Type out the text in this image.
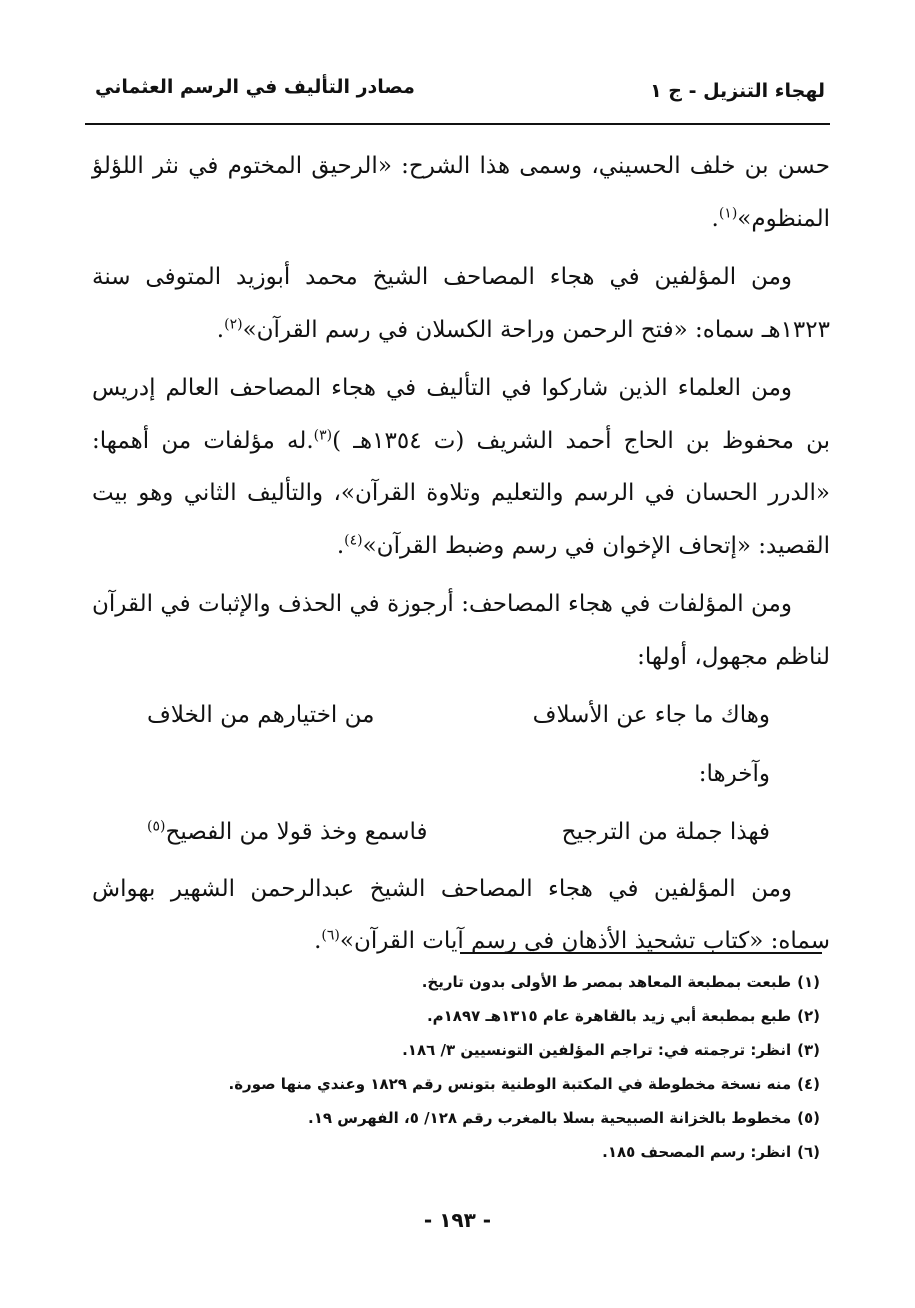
لهجاء التنزيل - ج ١
مصادر التأليف في الرسم العثماني

حسن بن خلف الحسيني، وسمى هذا الشرح: «الرحيق المختوم في نثر اللؤلؤ المنظوم»$^{(١)}$.

ومن المؤلفين في هجاء المصاحف الشيخ محمد أبوزيد المتوفى سنة ١٣٢٣هـ سماه: «فتح الرحمن وراحة الكسلان في رسم القرآن»$^{(٢)}$.

ومن العلماء الذين شاركوا في التأليف في هجاء المصاحف العالم إدريس بن محفوظ بن الحاج أحمد الشريف (ت ١٣٥٤هـ )$^{(٣)}$.له مؤلفات من أهمها: «الدرر الحسان في الرسم والتعليم وتلاوة القرآن»، والتأليف الثاني وهو بيت القصيد: «إتحاف الإخوان في رسم وضبط القرآن»$^{(٤)}$.

ومن المؤلفات في هجاء المصاحف: أرجوزة في الحذف والإثبات في القرآن لناظم مجهول، أولها:

وهاك ما جاء عن الأسلاف
من اختيارهم من الخلاف
وآخرها:
فهذا جملة من الترجيح
فاسمع وخذ قولا من الفصيح$^{(٥)}$

ومن المؤلفين في هجاء المصاحف الشيخ عبدالرحمن الشهير بهواش سماه: «كتاب تشحيذ الأذهان في رسم آيات القرآن»$^{(٦)}$.

(١)طبعت بمطبعة المعاهد بمصر ط الأولى بدون تاريخ.

(٢)طبع بمطبعة أبي زيد بالقاهرة عام ١٣١٥هـ ١٨٩٧م.

(٣)انظر: ترجمته في: تراجم المؤلفين التونسيين ٣/ ١٨٦.

(٤)منه نسخة مخطوطة في المكتبة الوطنية بتونس رقم ١٨٢٩ وعندي منها صورة.

(٥)مخطوط بالخزانة الصبيحية بسلا بالمغرب رقم ١٢٨/ ٥، الفهرس ١٩.

(٦)انظر: رسم المصحف ١٨٥.

- ١٩٣ -
